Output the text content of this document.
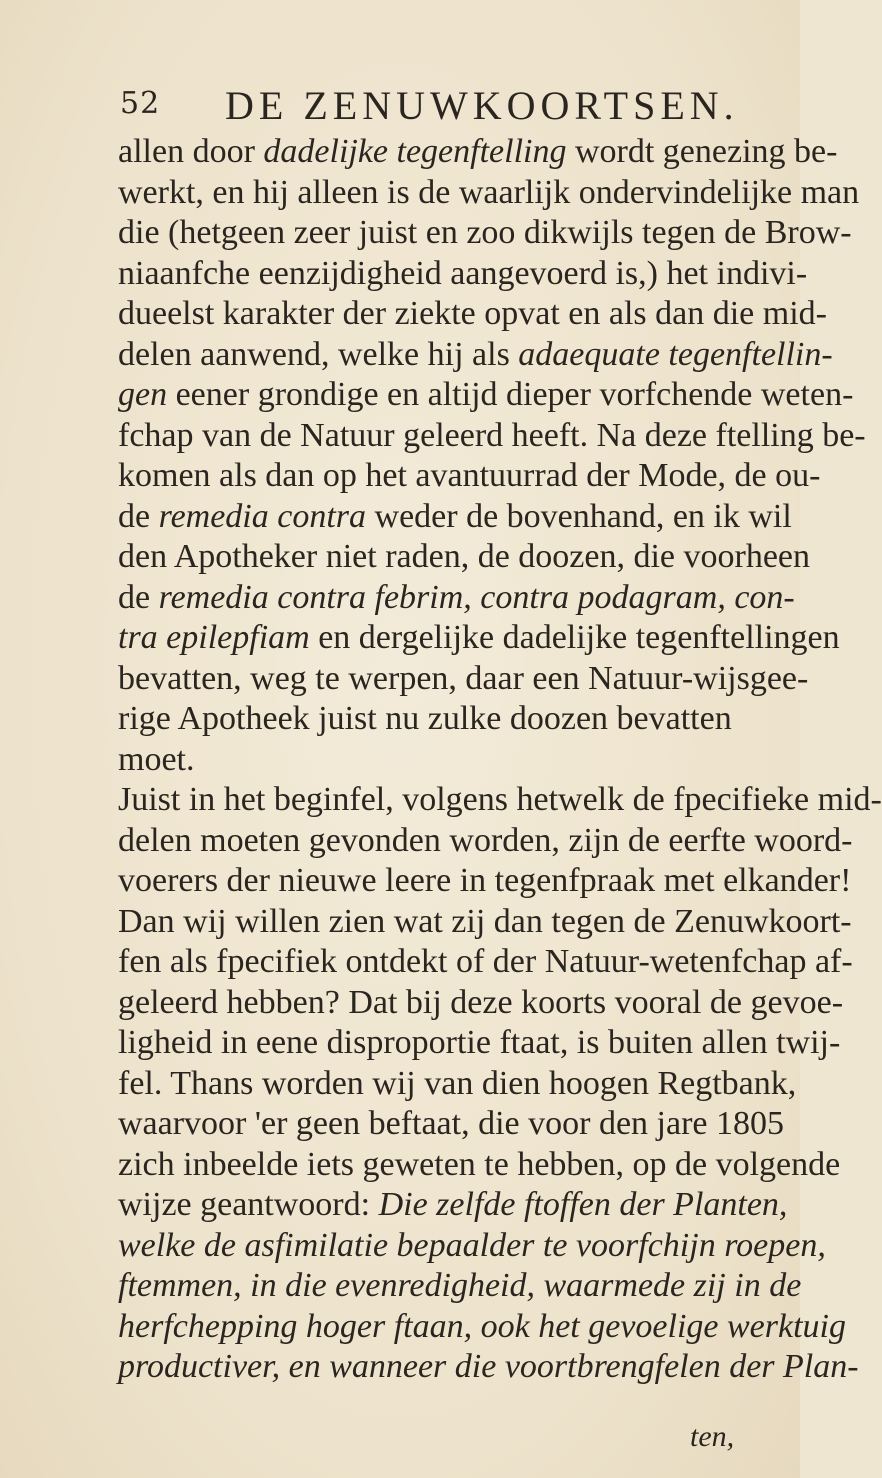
52 DE ZENUWKOORTSEN.
allen door dadelijke tegenftelling wordt genezing be-
werkt, en hij alleen is de waarlijk ondervindelijke man
die (hetgeen zeer juist en zoo dikwijls tegen de Brow-
niaanfche eenzijdigheid aangevoerd is,) het indivi-
dueelst karakter der ziekte opvat en als dan die mid-
delen aanwend, welke hij als adaequate tegenftellin-
gen eener grondige en altijd dieper vorfchende weten-
fchap van de Natuur geleerd heeft. Na deze ftelling be-
komen als dan op het avantuurrad der Mode, de ou-
de remedia contra weder de bovenhand, en ik wil
den Apotheker niet raden, de doozen, die voorheen
de remedia contra febrim, contra podagram, con-
tra epilepfiam en dergelijke dadelijke tegenftellingen
bevatten, weg te werpen, daar een Natuur-wijsgee-
rige Apotheek juist nu zulke doozen bevatten
moet.
Juist in het beginfel, volgens hetwelk de fpecifieke mid-
delen moeten gevonden worden, zijn de eerfte woord-
voerers der nieuwe leere in tegenfpraak met elkander!
Dan wij willen zien wat zij dan tegen de Zenuwkoort-
fen als fpecifiek ontdekt of der Natuur-wetenfchap af-
geleerd hebben? Dat bij deze koorts vooral de gevoe-
ligheid in eene disproportie ftaat, is buiten allen twij-
fel. Thans worden wij van dien hoogen Regtbank,
waarvoor 'er geen beftaat, die voor den jare 1805
zich inbeelde iets geweten te hebben, op de volgende
wijze geantwoord: Die zelfde ftoffen der Planten,
welke de asfimilatie bepaalder te voorfchijn roepen,
ftemmen, in die evenredigheid, waarmede zij in de
herfchepping hoger ftaan, ook het gevoelige werktuig
productiver, en wanneer die voortbrengfelen der Plan-
ten,
